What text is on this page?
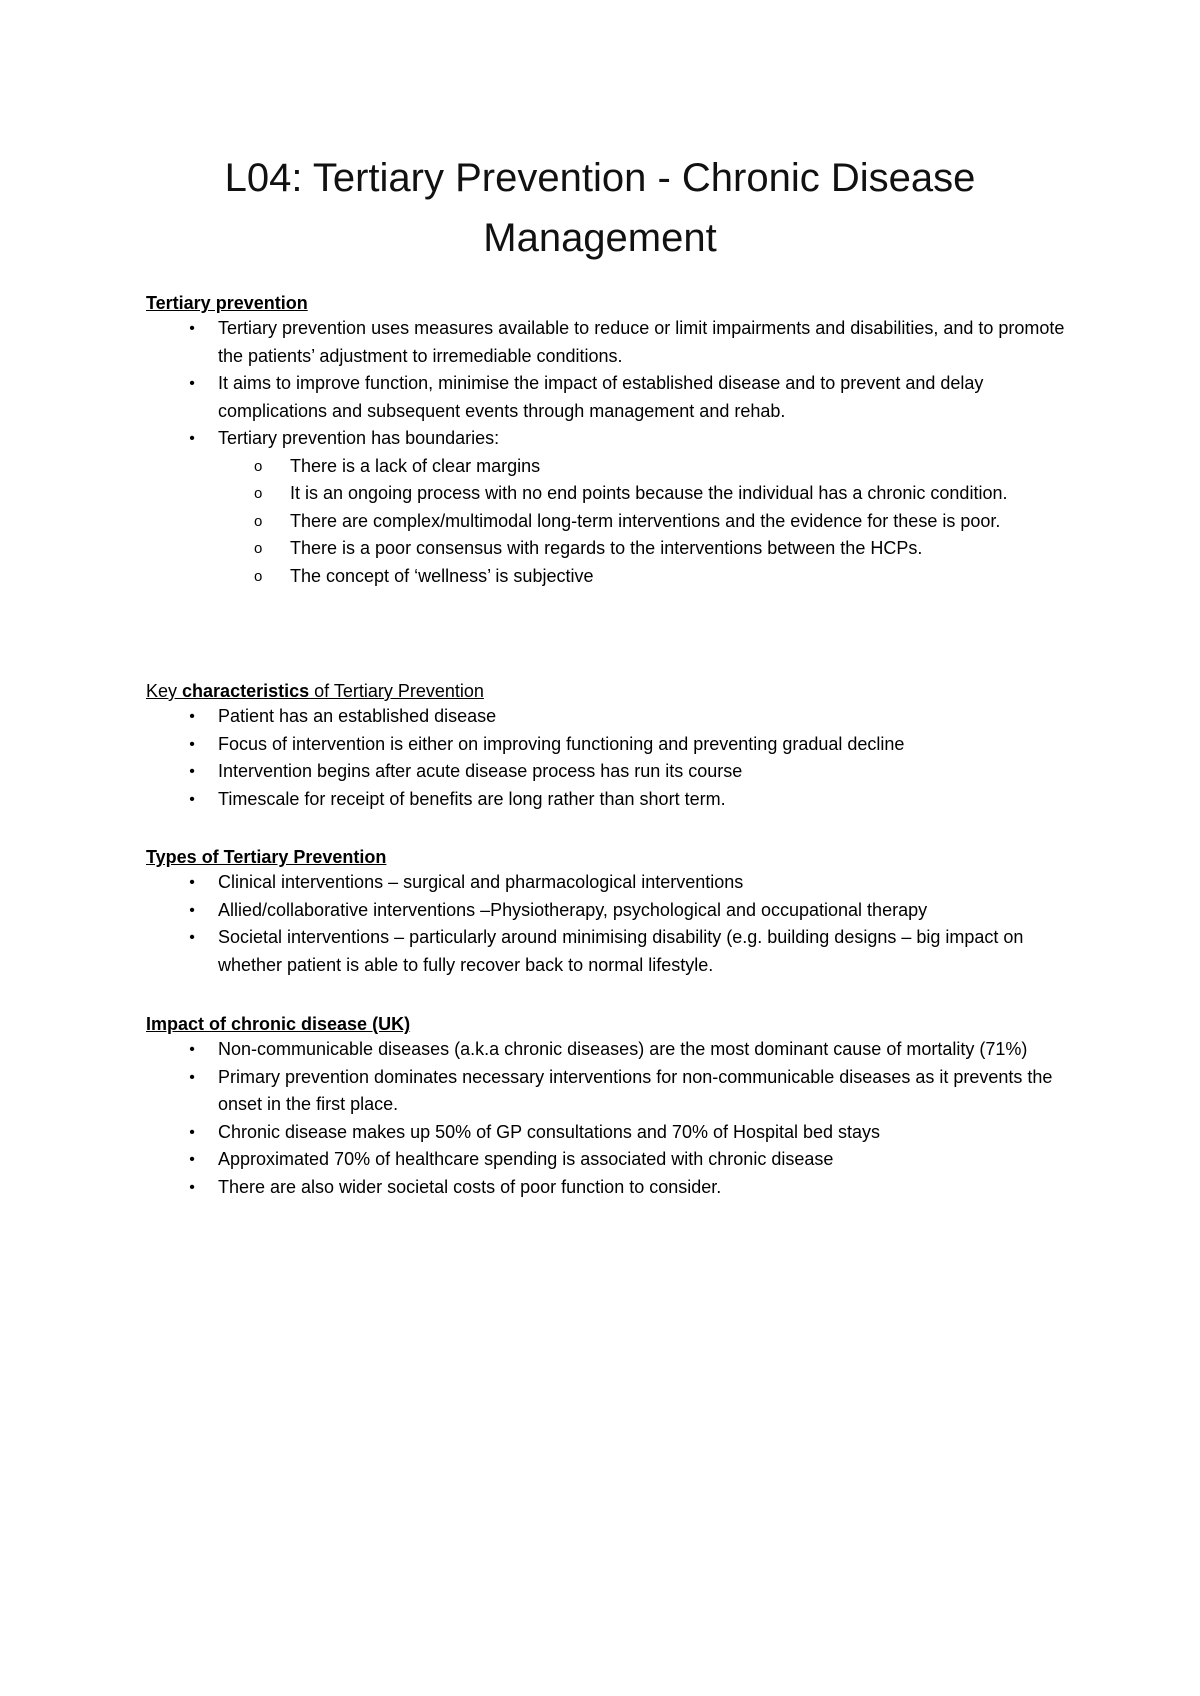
L04: Tertiary Prevention - Chronic Disease Management
Tertiary prevention
• Tertiary prevention uses measures available to reduce or limit impairments and disabilities, and to promote the patients’ adjustment to irremediable conditions.
• It aims to improve function, minimise the impact of established disease and to prevent and delay complications and subsequent events through management and rehab.
• Tertiary prevention has boundaries:
o There is a lack of clear margins
o It is an ongoing process with no end points because the individual has a chronic condition.
o There are complex/multimodal long-term interventions and the evidence for these is poor.
o There is a poor consensus with regards to the interventions between the HCPs.
o The concept of ‘wellness’ is subjective
Key characteristics of Tertiary Prevention
• Patient has an established disease
• Focus of intervention is either on improving functioning and preventing gradual decline
• Intervention begins after acute disease process has run its course
• Timescale for receipt of benefits are long rather than short term.
Types of Tertiary Prevention
• Clinical interventions – surgical and pharmacological interventions
• Allied/collaborative interventions –Physiotherapy, psychological and occupational therapy
• Societal interventions – particularly around minimising disability (e.g. building designs – big impact on whether patient is able to fully recover back to normal lifestyle.
Impact of chronic disease (UK)
• Non-communicable diseases (a.k.a chronic diseases) are the most dominant cause of mortality (71%)
• Primary prevention dominates necessary interventions for non-communicable diseases as it prevents the onset in the first place.
• Chronic disease makes up 50% of GP consultations and 70% of Hospital bed stays
• Approximated 70% of healthcare spending is associated with chronic disease
• There are also wider societal costs of poor function to consider.
